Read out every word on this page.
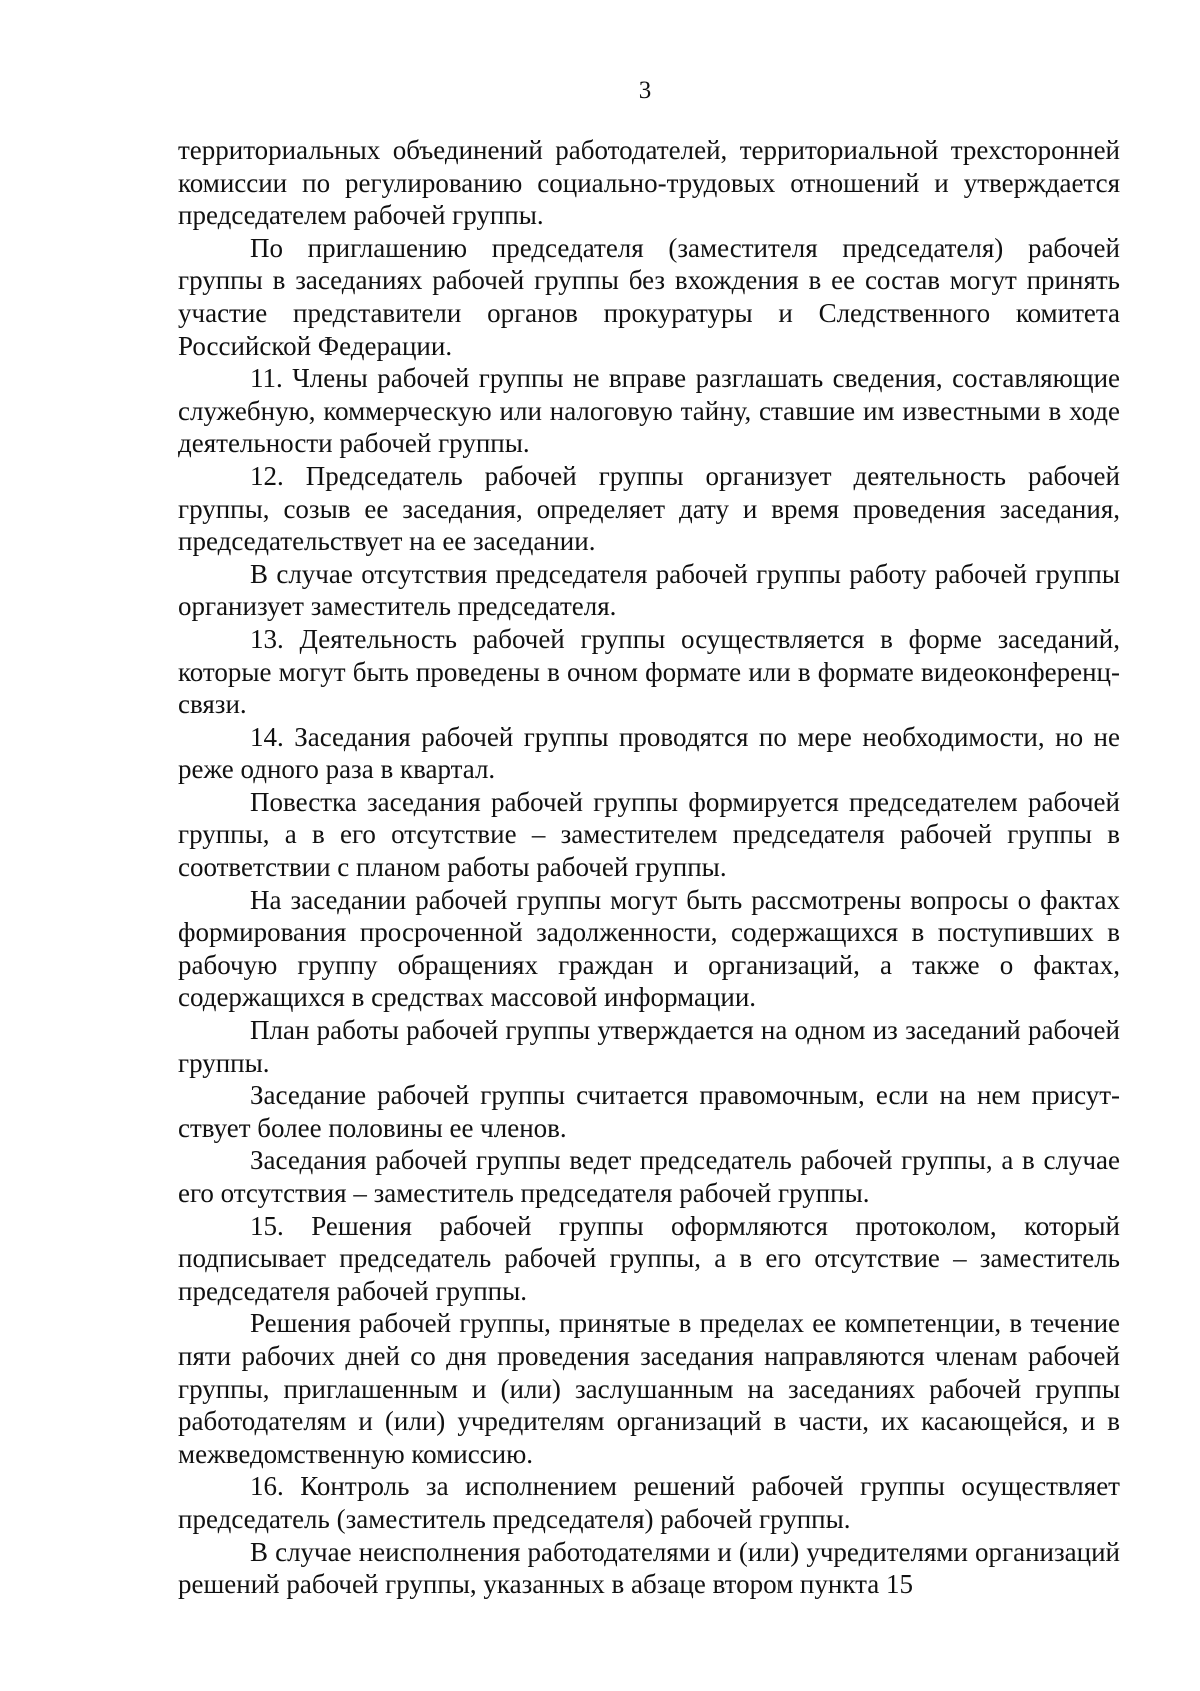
3

территориальных объединений работодателей, территориальной трехсторонней комиссии по регулированию социально-трудовых отношений и утверждается председателем рабочей группы.

По приглашению председателя (заместителя председателя) рабочей группы в заседаниях рабочей группы без вхождения в ее состав могут принять участие представители органов прокуратуры и Следственного комитета Российской Федерации.

11. Члены рабочей группы не вправе разглашать сведения, составляющие служебную, коммерческую или налоговую тайну, ставшие им известными в ходе деятельности рабочей группы.

12. Председатель рабочей группы организует деятельность рабочей группы, созыв ее заседания, определяет дату и время проведения заседания, председательствует на ее заседании.

В случае отсутствия председателя рабочей группы работу рабочей группы организует заместитель председателя.

13. Деятельность рабочей группы осуществляется в форме заседаний, которые могут быть проведены в очном формате или в формате видеоконференц-связи.

14. Заседания рабочей группы проводятся по мере необходимости, но не реже одного раза в квартал.

Повестка заседания рабочей группы формируется председателем рабочей группы, а в его отсутствие – заместителем председателя рабочей группы в соответствии с планом работы рабочей группы.

На заседании рабочей группы могут быть рассмотрены вопросы о фактах формирования просроченной задолженности, содержащихся в поступивших в рабочую группу обращениях граждан и организаций, а также о фактах, содержащихся в средствах массовой информации.

План работы рабочей группы утверждается на одном из заседаний рабочей группы.

Заседание рабочей группы считается правомочным, если на нем присутствует более половины ее членов.

Заседания рабочей группы ведет председатель рабочей группы, а в случае его отсутствия – заместитель председателя рабочей группы.

15. Решения рабочей группы оформляются протоколом, который подписывает председатель рабочей группы, а в его отсутствие – заместитель председателя рабочей группы.

Решения рабочей группы, принятые в пределах ее компетенции, в течение пяти рабочих дней со дня проведения заседания направляются членам рабочей группы, приглашенным и (или) заслушанным на заседаниях рабочей группы работодателям и (или) учредителям организаций в части, их касающейся, и в межведомственную комиссию.

16. Контроль за исполнением решений рабочей группы осуществляет председатель (заместитель председателя) рабочей группы.

В случае неисполнения работодателями и (или) учредителями организаций решений рабочей группы, указанных в абзаце втором пункта 15
